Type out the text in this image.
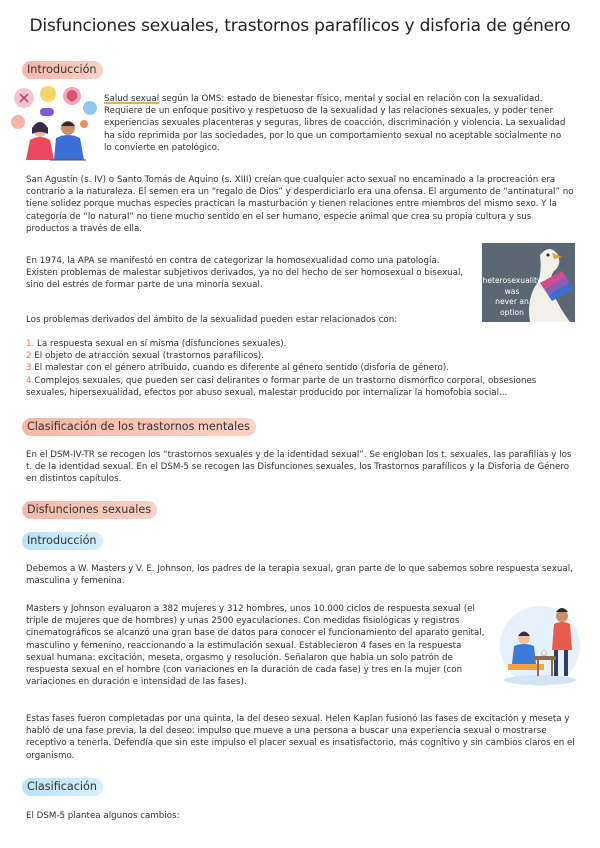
Disfunciones sexuales, trastornos parafílicos y disforia de género
Introducción

Salud sexual según la OMS: estado de bienestar físico, mental y social en relación con la sexualidad. Requiere de un enfoque positivo y respetuoso de la sexualidad y las relaciones sexuales, y poder tener experiencias sexuales placenteras y seguras, libres de coacción, discriminación y violencia. La sexualidad ha sido reprimida por las sociedades, por lo que un comportamiento sexual no aceptable socialmente no lo convierte en patológico.

San Agustín (s. IV) o Santo Tomás de Aquino (s. XIII) creían que cualquier acto sexual no encaminado a la procreación era contrario a la naturaleza. El semen era un “regalo de Dios” y desperdiciarlo era una ofensa. El argumento de “antinatural” no tiene solidez porque muchas especies practican la masturbación y tienen relaciones entre miembros del mismo sexo. Y la categoría de “lo natural” no tiene mucho sentido en el ser humano, especie animal que crea su propia cultura y sus productos a través de ella.

En 1974, la APA se manifestó en contra de categorizar la homosexualidad como una patología. Existen problemas de malestar subjetivos derivados, ya no del hecho de ser homosexual o bisexual, sino del estrés de formar parte de una minoría sexual.	heterosexuality
was
never an option

Los problemas derivados del ámbito de la sexualidad pueden estar relacionados con:

1. La respuesta sexual en sí misma (disfunciones sexuales).

2.El objeto de atracción sexual (trastornos parafílicos).

3.El malestar con el género atribuido, cuando es diferente al género sentido (disforia de género).

4.Complejos sexuales, que pueden ser casi delirantes o formar parte de un trastorno dismórfico corporal, obsesiones sexuales, hipersexualidad, efectos por abuso sexual, malestar producido por internalizar la homofobia social...

Clasificación de los trastornos mentales

En el DSM-IV-TR se recogen los “trastornos sexuales y de la identidad sexual”. Se engloban los t. sexuales, las parafilias y los t. de la identidad sexual. En el DSM-5 se recogen las Disfunciones sexuales, los Trastornos parafílicos y la Disforia de Género en distintos capítulos.

Disfunciones sexuales
Introducción

Debemos a W. Masters y V. E. Johnson, los padres de la terapia sexual, gran parte de lo que sabemos sobre respuesta sexual, masculina y femenina.

Masters y Johnson evaluaron a 382 mujeres y 312 hombres, unos 10.000 ciclos de respuesta sexual (el triple de mujeres que de hombres) y unas 2500 eyaculaciones. Con medidas fisiológicas y registros cinematográficos se alcanzó una gran base de datos para conocer el funcionamiento del aparato genital, masculino y femenino, reaccionando a la estimulación sexual. Establecieron 4 fases en la respuesta sexual humana: excitación, meseta, orgasmo y resolución. Señalaron que había un solo patrón de respuesta sexual en el hombre (con variaciones en la duración de cada fase) y tres en la mujer (con variaciones en duración e intensidad de las fases).

Estas fases fueron completadas por una quinta, la del deseo sexual. Helen Kaplan fusionó las fases de excitación y meseta y habló de una fase previa, la del deseo: impulso que mueve a una persona a buscar una experiencia sexual o mostrarse receptivo a tenerla. Defendía que sin este impulso el placer sexual es insatisfactorio, más cognitivo y sin cambios claros en el organismo.

Clasificación

El DSM-5 plantea algunos cambios:
